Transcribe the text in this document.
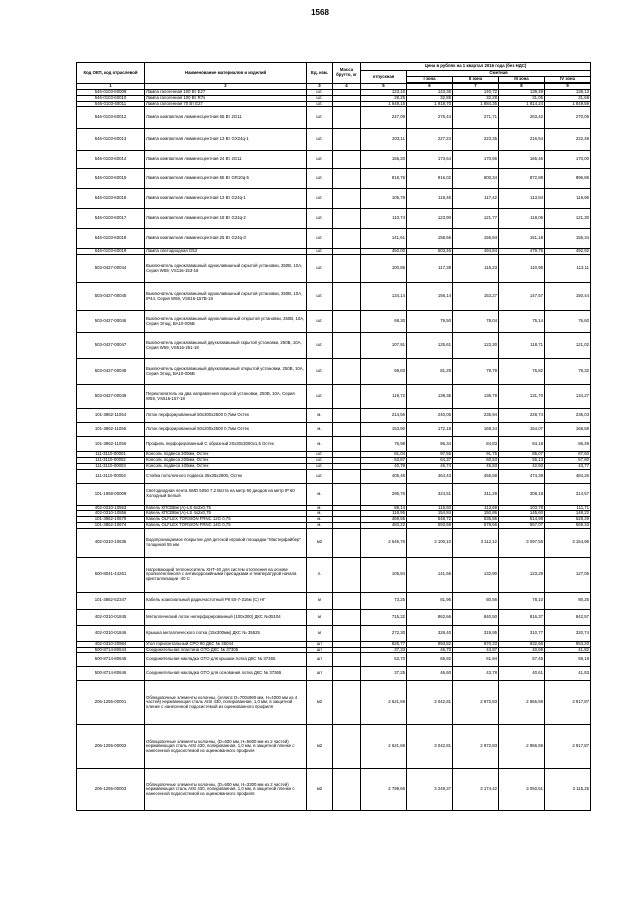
1568
Код ОКП, код отраслевой	Наименование материалов и изделий	Ед. изм.	Масса брутто, кг	Цена в рублях на 1 квартал 2016 года (без НДС)				
				отпускная	Сметная			
					I зона	II зона	III зона	IV зона

1	2	3	4	5	6	7	8	9
546-0103-60009	Лампа галогенная 100 Вт Е27	шт.		123,16	143,36	140,72	139,49	138,13
546-0103-60010	Лампа галогенная 100 Вт R7s	шт.		28,25	32,89	32,28	31,05	31,68
546-0103-60011	Лампа галогенная 70 Вт Е27	шт.		1 648,15	1 919,70	1 884,35	1 814,24	1 849,59
546-0103-60012	Лампа компактная люминесцентная 55 Вт 2G11	шт.		247,09	276,44	271,71	263,42	270,06
546-0103-60013	Лампа компактная люминесцентная 13 Вт GX24q-1	шт.		203,11	227,24	223,35	216,54	222,48
546-0103-60014	Лампа компактная люминесцентная 24 Вт 2G11	шт.		155,20	173,64	170,66	165,46	170,00
546-0103-60015	Лампа компактная люминесцентная 55 Вт GR10q-5	шт.		818,76	916,02	900,34	872,88	896,86
546-0103-60016	Лампа компактная люминесцентная 13 Вт G24q-1	шт.		106,78	119,46	117,42	113,84	116,96
546-0103-60017	Лампа компактная люминесцентная 18 Вт G24q-2	шт.		110,74	123,90	121,77	118,06	121,30
546-0103-60018	Лампа компактная люминесцентная 26 Вт G24q-3	шт.		141,61	158,66	155,94	151,18	155,34
546-0103-60019	Лампа светодиодная G53	шт.		450,00	503,46	494,84	479,75	492,92
503-0427-00044	Выключатель одноклавишный одноклавишный скрытой установки, 250В, 10А, Серия W59, VS116-153-18	шт.		100,85	117,39	115,23	110,95	113,11
503-0427-00045	Выключатель одноклавишный одноклавишный скрытой установки, 250В, 10А, IP44, Серия W59, VS616-157B-18	шт.		134,14	156,14	153,27	147,57	150,44
503-0427-00046	Выключатель одноклавишный одноклавишный открытой установки, 250В, 10А, Серия Этюд, ВА10-005В	шт.		68,30	79,50	78,04	75,14	76,60
503-0427-00047	Выключатель одноклавишный двухклавишный скрытой установки, 250В, 10А, Серия W59, VS516-251-18	шт.		107,91	125,61	123,30	118,71	121,02
503-0427-00048	Выключатель одноклавишный двухклавишный открытой установки, 250В, 10А, Серия Этюд, ВА10-006В	шт.		69,83	81,29	79,79	76,82	78,32
503-0427-00049	Переключатель на два направления скрытой установки, 250В, 10А, Серия W59, VS616-157-18	шт.		119,72	139,36	136,79	131,70	134,27
101-3862-11054	Лоток перфорированный 50х300х2500 0,7мм Остек	м.		214,56	240,05	235,94	228,74	235,03
101-3862-11055	Лоток перфорированный 50х200х2500 0,7мм Остек	м.		153,90	172,18	169,24	164,07	168,58
101-3862-11056	Профиль перфорированный С образный 20х30х3000х1,5 Остек	м.		76,98	86,34	84,83	84,18	86,49
111-3110-00001	Консоль подвеса 300мм, Остек	шт.		81,04	97,55	91,75	85,07	87,60
111-3110-00002	Консоль подвеса 200мм, Остек	шт.		53,87	64,37	60,53	56,13	57,80
111-3110-00003	Консоль подвеса 100мм, Остек	шт.		40,79	46,74	45,83	42,50	43,77
111-3110-00004	Стойка потолочного подвеса 35х35х2900, Остек	шт.		405,48	464,43	455,58	474,39	484,26
101-1958-00009	Светодиодная лента SMD 5050 7,2 Ватта на метр 60 диодов на метр IP 60 Холодный Белый	м.		295,76	324,51	311,29	308,18	314,57
402-0310-10553	Кабель КПСВВнг(А)-LS 6х2х0,75	м.		88,14	116,60	113,69	103,78	111,71
402-0310-10556	Кабель КПСВВнг(А)-LS 4х2х0,75	м.		116,95	154,84	150,86	145,60	148,22
101-3862-10679	Кабель OLFLEX TORSION FRNC 12G 0,75	м.		469,55	548,72	535,86	514,98	528,29
101-3862-10674	Кабель OLFLEX TORSION FRNC 14G 0,75	м.		483,22	593,59	579,66	557,07	569,33
402-0310-10635	Водопроницаемое покрытие для детской игровой площадки "Мастерфайбер" толщиной 55 мм	м2		2 646,76	3 100,10	3 112,12	3 097,55	3 154,96
500-8041-44261	Нагревающий теплоноситель ХНТ-40 для систем отопления на основе пропиленгликоля с антикоррозийными присадками и температурой начала кристаллизации -40 С	л.		105,94	141,66	132,90	123,29	127,05
101-3862-52347	Кабель коаксиальный радиочастотный РК 50-7-316м (С) НГ	м		73,25	81,96	80,56	78,10	80,25
402-0310-01845	Металлический лоток неперфорированный (100х300) ДКС №35104	м		715,32	862,66	840,50	816,37	842,57
402-0310-01846	Крышка металлического лотка (15х300мм) ДКС № 35525	м		272,30	328,40	319,95	310,77	320,74
402-0310-20984	Угол горизонтальный СРО 90 ДКС № 36044	шт		825,77	993,82	970,33	932,66	953,20
500-8714-80644	Соединительная пластина GTO ДКС № 37305	шт		37,33	46,70	43,87	40,69	41,82
500-8714-80645	Соединительная накладка GTO для крышки лотка ДКС № 37365	шт		52,70	65,92	61,94	57,45	59,18
500-8714-80646	Соединительная накладка GTO для основания лотка ДКС № 37365	шт		37,25	46,60	43,78	40,61	41,83
206-1255-00001	Облицовочные элементы колонны, (эллипс D=700х960 мм, H=4000 мм из 4 частей) нержавеющая сталь AISI 430, полированная, 1,0 мм, в защитной пленке с нанесенной подосистемой из оцинкованного профиля	м2		2 621,69	3 042,81	2 972,83	2 866,59	2 917,87
206-1255-00002	Облицовочные элементы колонны, (D=600 мм, H=5600 мм из 2 частей) нержавеющая сталь AISI 430, полированная, 1,0 мм, в защитной пленке с нанесенной подосистемой из оцинкованного профиля	м2		2 621,69	3 042,81	2 972,83	2 856,59	2 917,87
206-1255-00003	Облицовочные элементы колонны, (D=600 мм, H=3300 мм из 2 частей) нержавеющая сталь AISI 430, полированная, 1,0 мм, в защитной пленке с нанесенной подосистемой из оцинкованного профиля	м2		2 799,66	3 249,37	3 174,42	3 050,51	3 115,25
